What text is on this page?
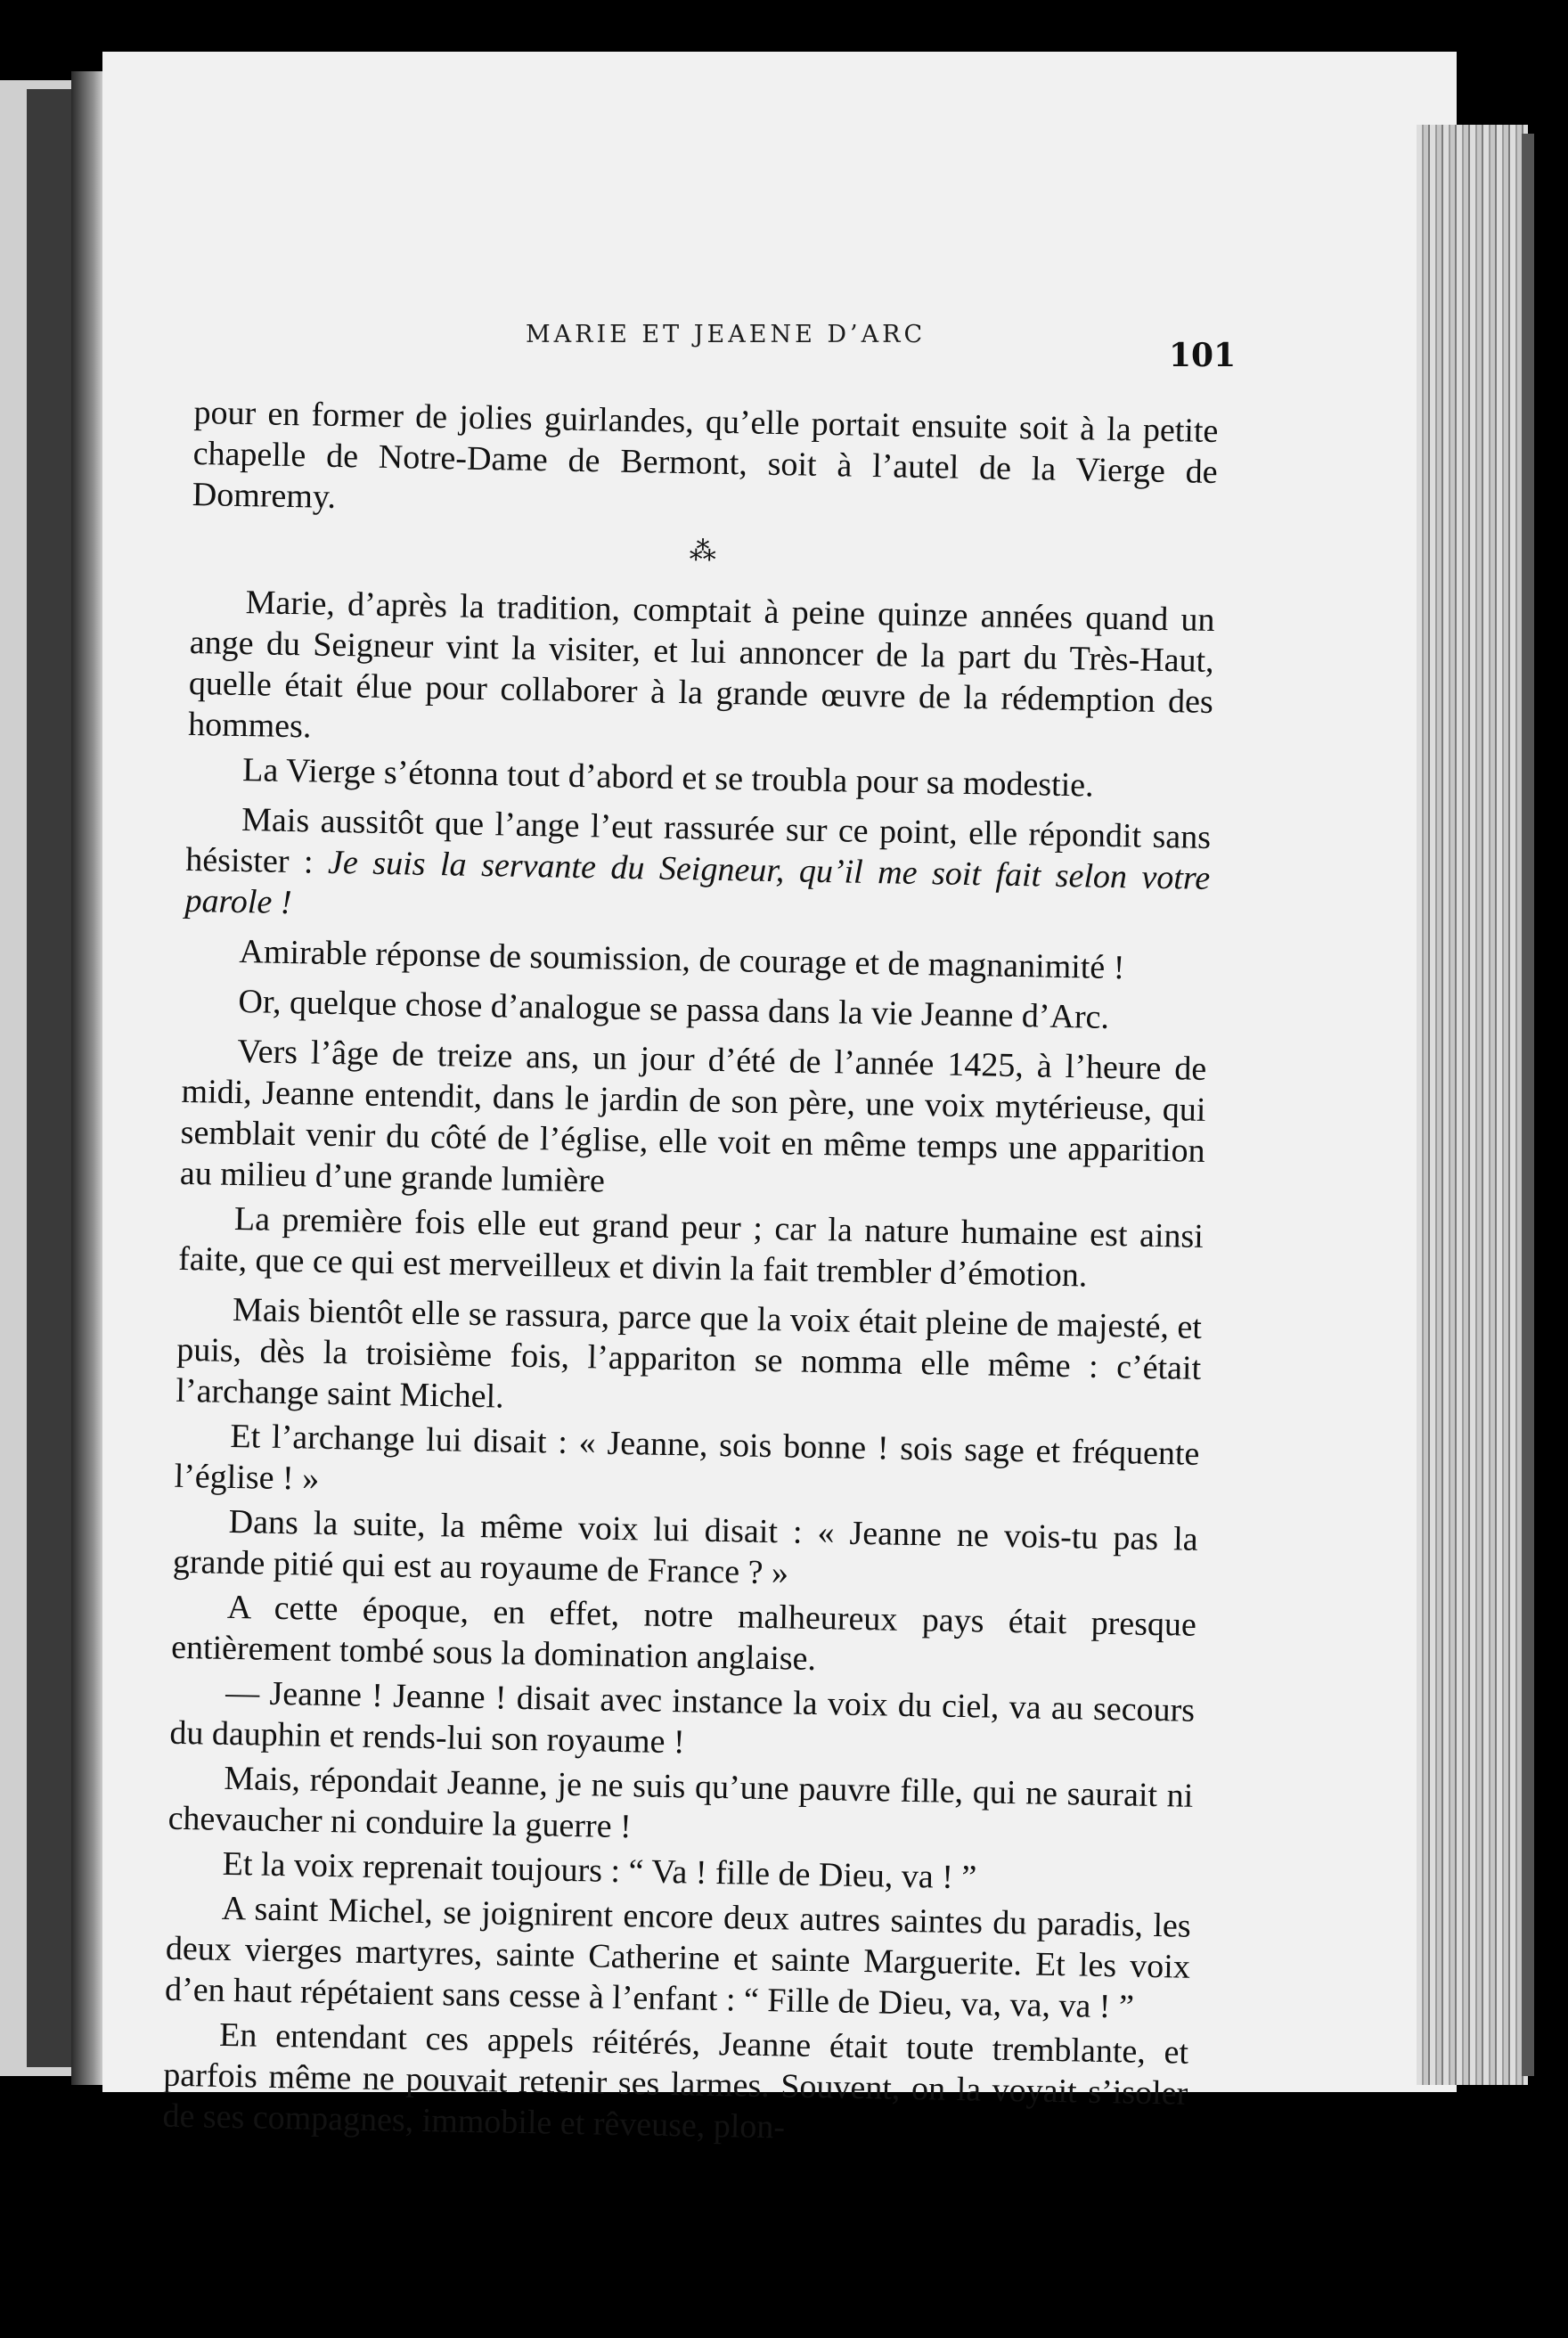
MARIE ET JEAENE D’ARC
101

pour en former de jolies guirlandes, qu’elle portait ensuite soit à la petite chapelle de Notre-Dame de Bermont, soit à l’autel de la Vierge de Domremy.

⁂

Marie, d’après la tradition, comptait à peine quinze années quand un ange du Seigneur vint la visiter, et lui annoncer de la part du Très-Haut, quelle était élue pour collaborer à la grande œuvre de la rédemption des hommes.

La Vierge s’étonna tout d’abord et se troubla pour sa modestie.

Mais aussitôt que l’ange l’eut rassurée sur ce point, elle répondit sans hésister : Je suis la servante du Seigneur, qu’il me soit fait selon votre parole !

Amirable réponse de soumission, de courage et de magnanimité !

Or, quelque chose d’analogue se passa dans la vie Jeanne d’Arc.

Vers l’âge de treize ans, un jour d’été de l’année 1425, à l’heure de midi, Jeanne entendit, dans le jardin de son père, une voix mytérieuse, qui semblait venir du côté de l’église, elle voit en même temps une apparition au milieu d’une grande lumière

La première fois elle eut grand peur ; car la nature humaine est ainsi faite, que ce qui est merveilleux et divin la fait trembler d’émotion.

Mais bientôt elle se rassura, parce que la voix était pleine de majesté, et puis, dès la troisième fois, l’appariton se nomma elle même : c’était l’archange saint Michel.

Et l’archange lui disait : « Jeanne, sois bonne ! sois sage et fréquente l’église ! »

Dans la suite, la même voix lui disait : « Jeanne ne vois-tu pas la grande pitié qui est au royaume de France ? »

A cette époque, en effet, notre malheureux pays était presque entièrement tombé sous la domination anglaise.

— Jeanne ! Jeanne ! disait avec instance la voix du ciel, va au secours du dauphin et rends-lui son royaume !

Mais, répondait Jeanne, je ne suis qu’une pauvre fille, qui ne saurait ni chevaucher ni conduire la guerre !

Et la voix reprenait toujours : “ Va ! fille de Dieu, va ! ”

A saint Michel, se joignirent encore deux autres saintes du paradis, les deux vierges martyres, sainte Catherine et sainte Marguerite. Et les voix d’en haut répétaient sans cesse à l’enfant : “ Fille de Dieu, va, va, va ! ”

En entendant ces appels réitérés, Jeanne était toute tremblante, et parfois même ne pouvait retenir ses larmes. Souvent, on la voyait s’isoler de ses compagnes, immobile et rêveuse, plon-
